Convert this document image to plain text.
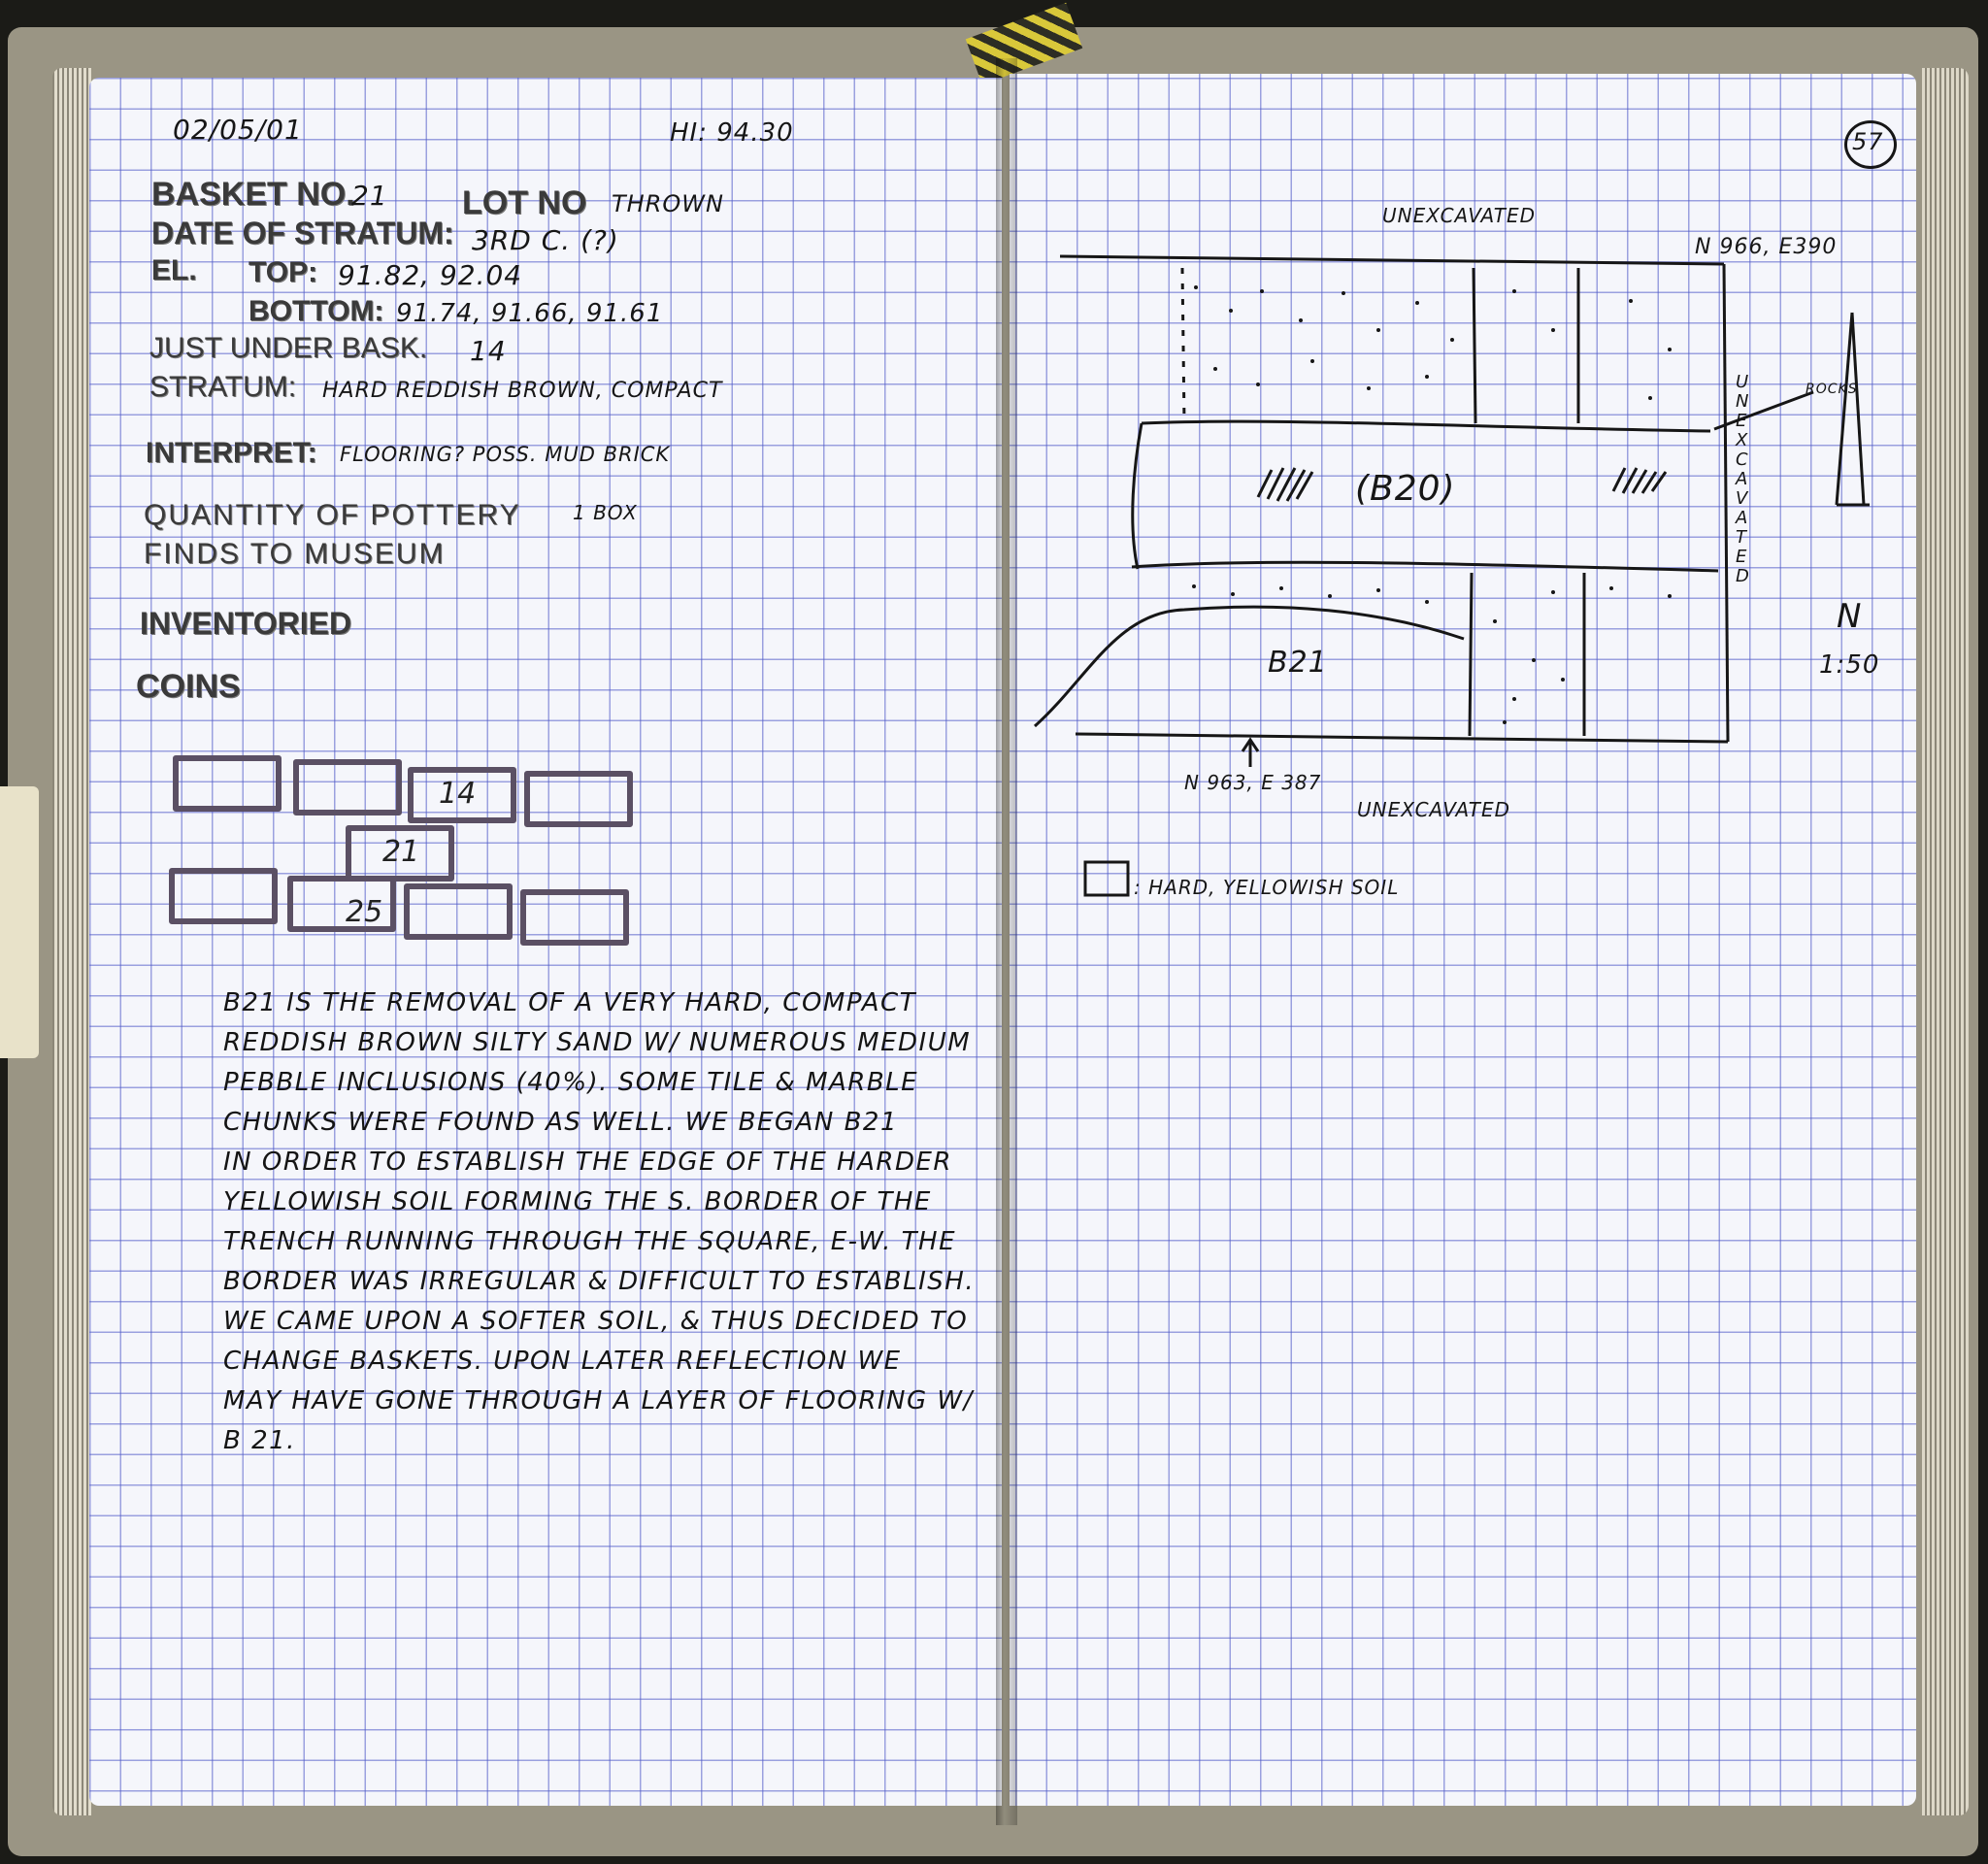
02/05/01	HI: 94.30
BASKET NO.
21 LOT NO THROWN
DATE OF STRATUM: 3RD C. (?)
EL. TOP: 91.82, 92.04
BOTTOM: 91.74, 91.66, 91.61
JUST UNDER BASK. 14
STRATUM: HARD REDDISH BROWN, COMPACT
INTERPRET: FLOORING? POSS. MUD BRICK
QUANTITY OF POTTERY	1 BOX
FINDS TO MUSEUM
INVENTORIED
COINS
14
21
25
B21 IS THE REMOVAL OF A VERY HARD, COMPACT
REDDISH BROWN SILTY SAND W/ NUMEROUS MEDIUM
PEBBLE INCLUSIONS (40%). SOME TILE & MARBLE
CHUNKS WERE FOUND AS WELL. WE BEGAN B21
IN ORDER TO ESTABLISH THE EDGE OF THE HARDER
YELLOWISH SOIL FORMING THE S. BORDER OF THE
TRENCH RUNNING THROUGH THE SQUARE, E-W. THE
BORDER WAS IRREGULAR & DIFFICULT TO ESTABLISH.
WE CAME UPON A SOFTER SOIL, & THUS DECIDED TO
CHANGE BASKETS. UPON LATER REFLECTION WE
MAY HAVE GONE THROUGH A LAYER OF FLOORING W/
B 21.
57
UNEXCAVATED
N 966, E390
ROCKS
(B20)
B21
N 963, E 387
UNEXCAVATED
U
N
E
X
C
A
V
A
T
E
D
N
1:50
: HARD, YELLOWISH SOIL
